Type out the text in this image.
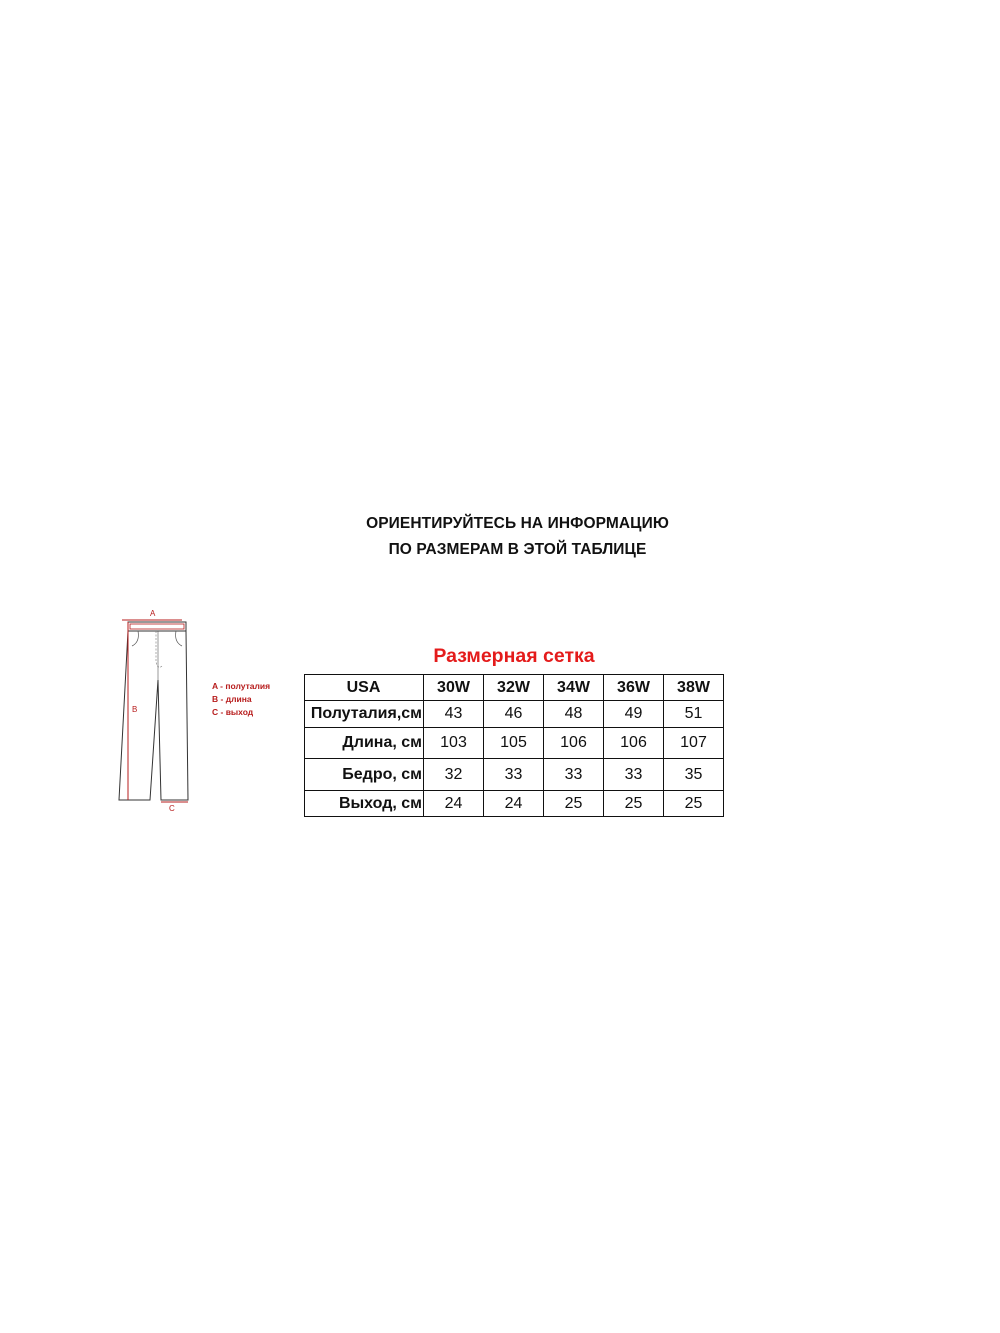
ОРИЕНТИРУЙТЕСЬ НА ИНФОРМАЦИЮ
ПО РАЗМЕРАМ В ЭТОЙ ТАБЛИЦЕ
A
B
C
A - полуталия
B - длина
C - выход
Размерная сетка
USA	30W	32W	34W	36W	38W
Полуталия,см	43	46	48	49	51
Длина, см	103	105	106	106	107
Бедро, см	32	33	33	33	35
Выход, см	24	24	25	25	25
